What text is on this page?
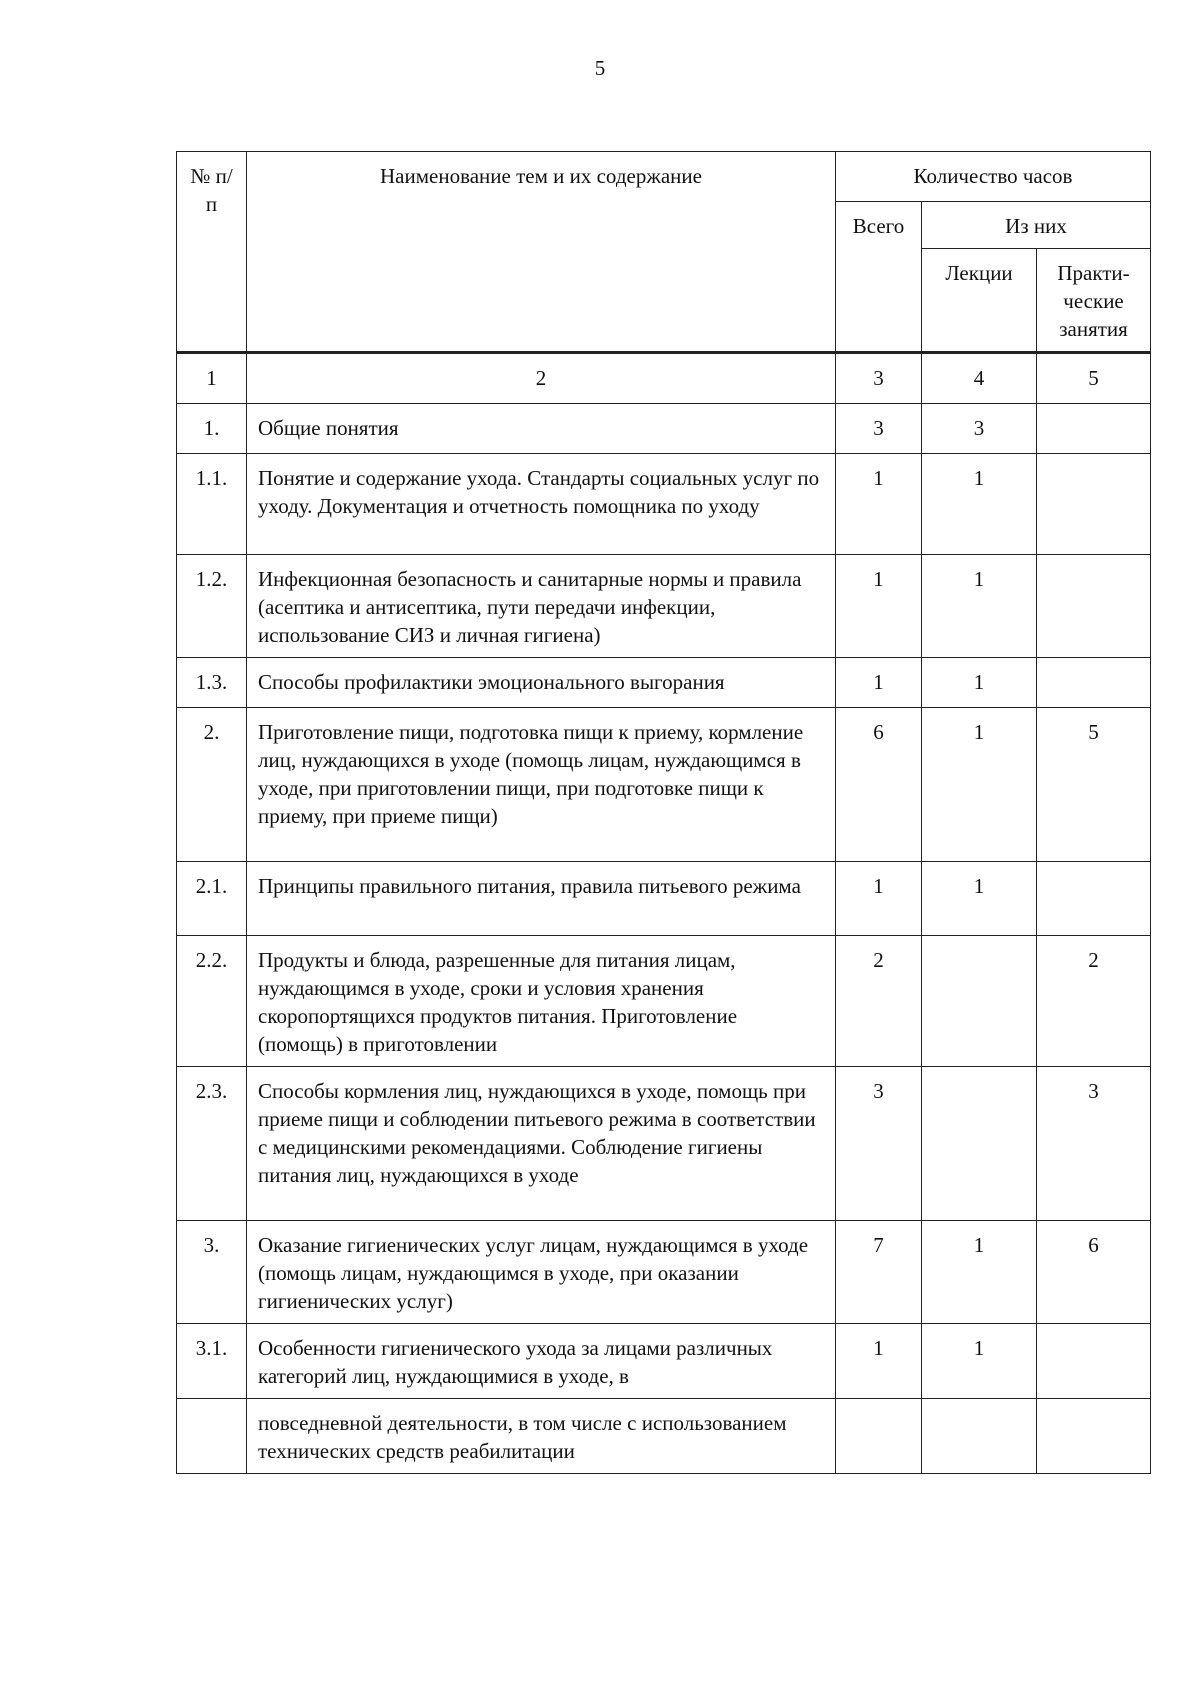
5
№ п/п	Наименование тем и их содержание	Количество часов		
		Всего	Из них	
			Лекции	Практи-ческие занятия
1	2	3	4	5
1.	Общие понятия	3	3	
1.1.	Понятие и содержание ухода. Стандарты социальных услуг по уходу. Документация и отчетность помощника по уходу	1	1	
1.2.	Инфекционная безопасность и санитарные нормы и правила (асептика и антисептика, пути передачи инфекции, использование СИЗ и личная гигиена)	1	1	
1.3.	Способы профилактики эмоционального выгорания	1	1	
2.	Приготовление пищи, подготовка пищи к приему, кормление лиц, нуждающихся в уходе (помощь лицам, нуждающимся в уходе, при приготовлении пищи, при подготовке пищи к приему, при приеме пищи)	6	1	5
2.1.	Принципы правильного питания, правила питьевого режима	1	1	
2.2.	Продукты и блюда, разрешенные для питания лицам, нуждающимся в уходе, сроки и условия хранения скоропортящихся продуктов питания. Приготовление (помощь) в приготовлении	2		2
2.3.	Способы кормления лиц, нуждающихся в уходе, помощь при приеме пищи и соблюдении питьевого режима в соответствии с медицинскими рекомендациями. Соблюдение гигиены питания лиц, нуждающихся в уходе	3		3
3.	Оказание гигиенических услуг лицам, нуждающимся в уходе (помощь лицам, нуждающимся в уходе, при оказании гигиенических услуг)	7	1	6
3.1.	Особенности гигиенического ухода за лицами различных категорий лиц, нуждающимися в уходе, в	1	1	
	повседневной деятельности, в том числе с использованием технических средств реабилитации			
